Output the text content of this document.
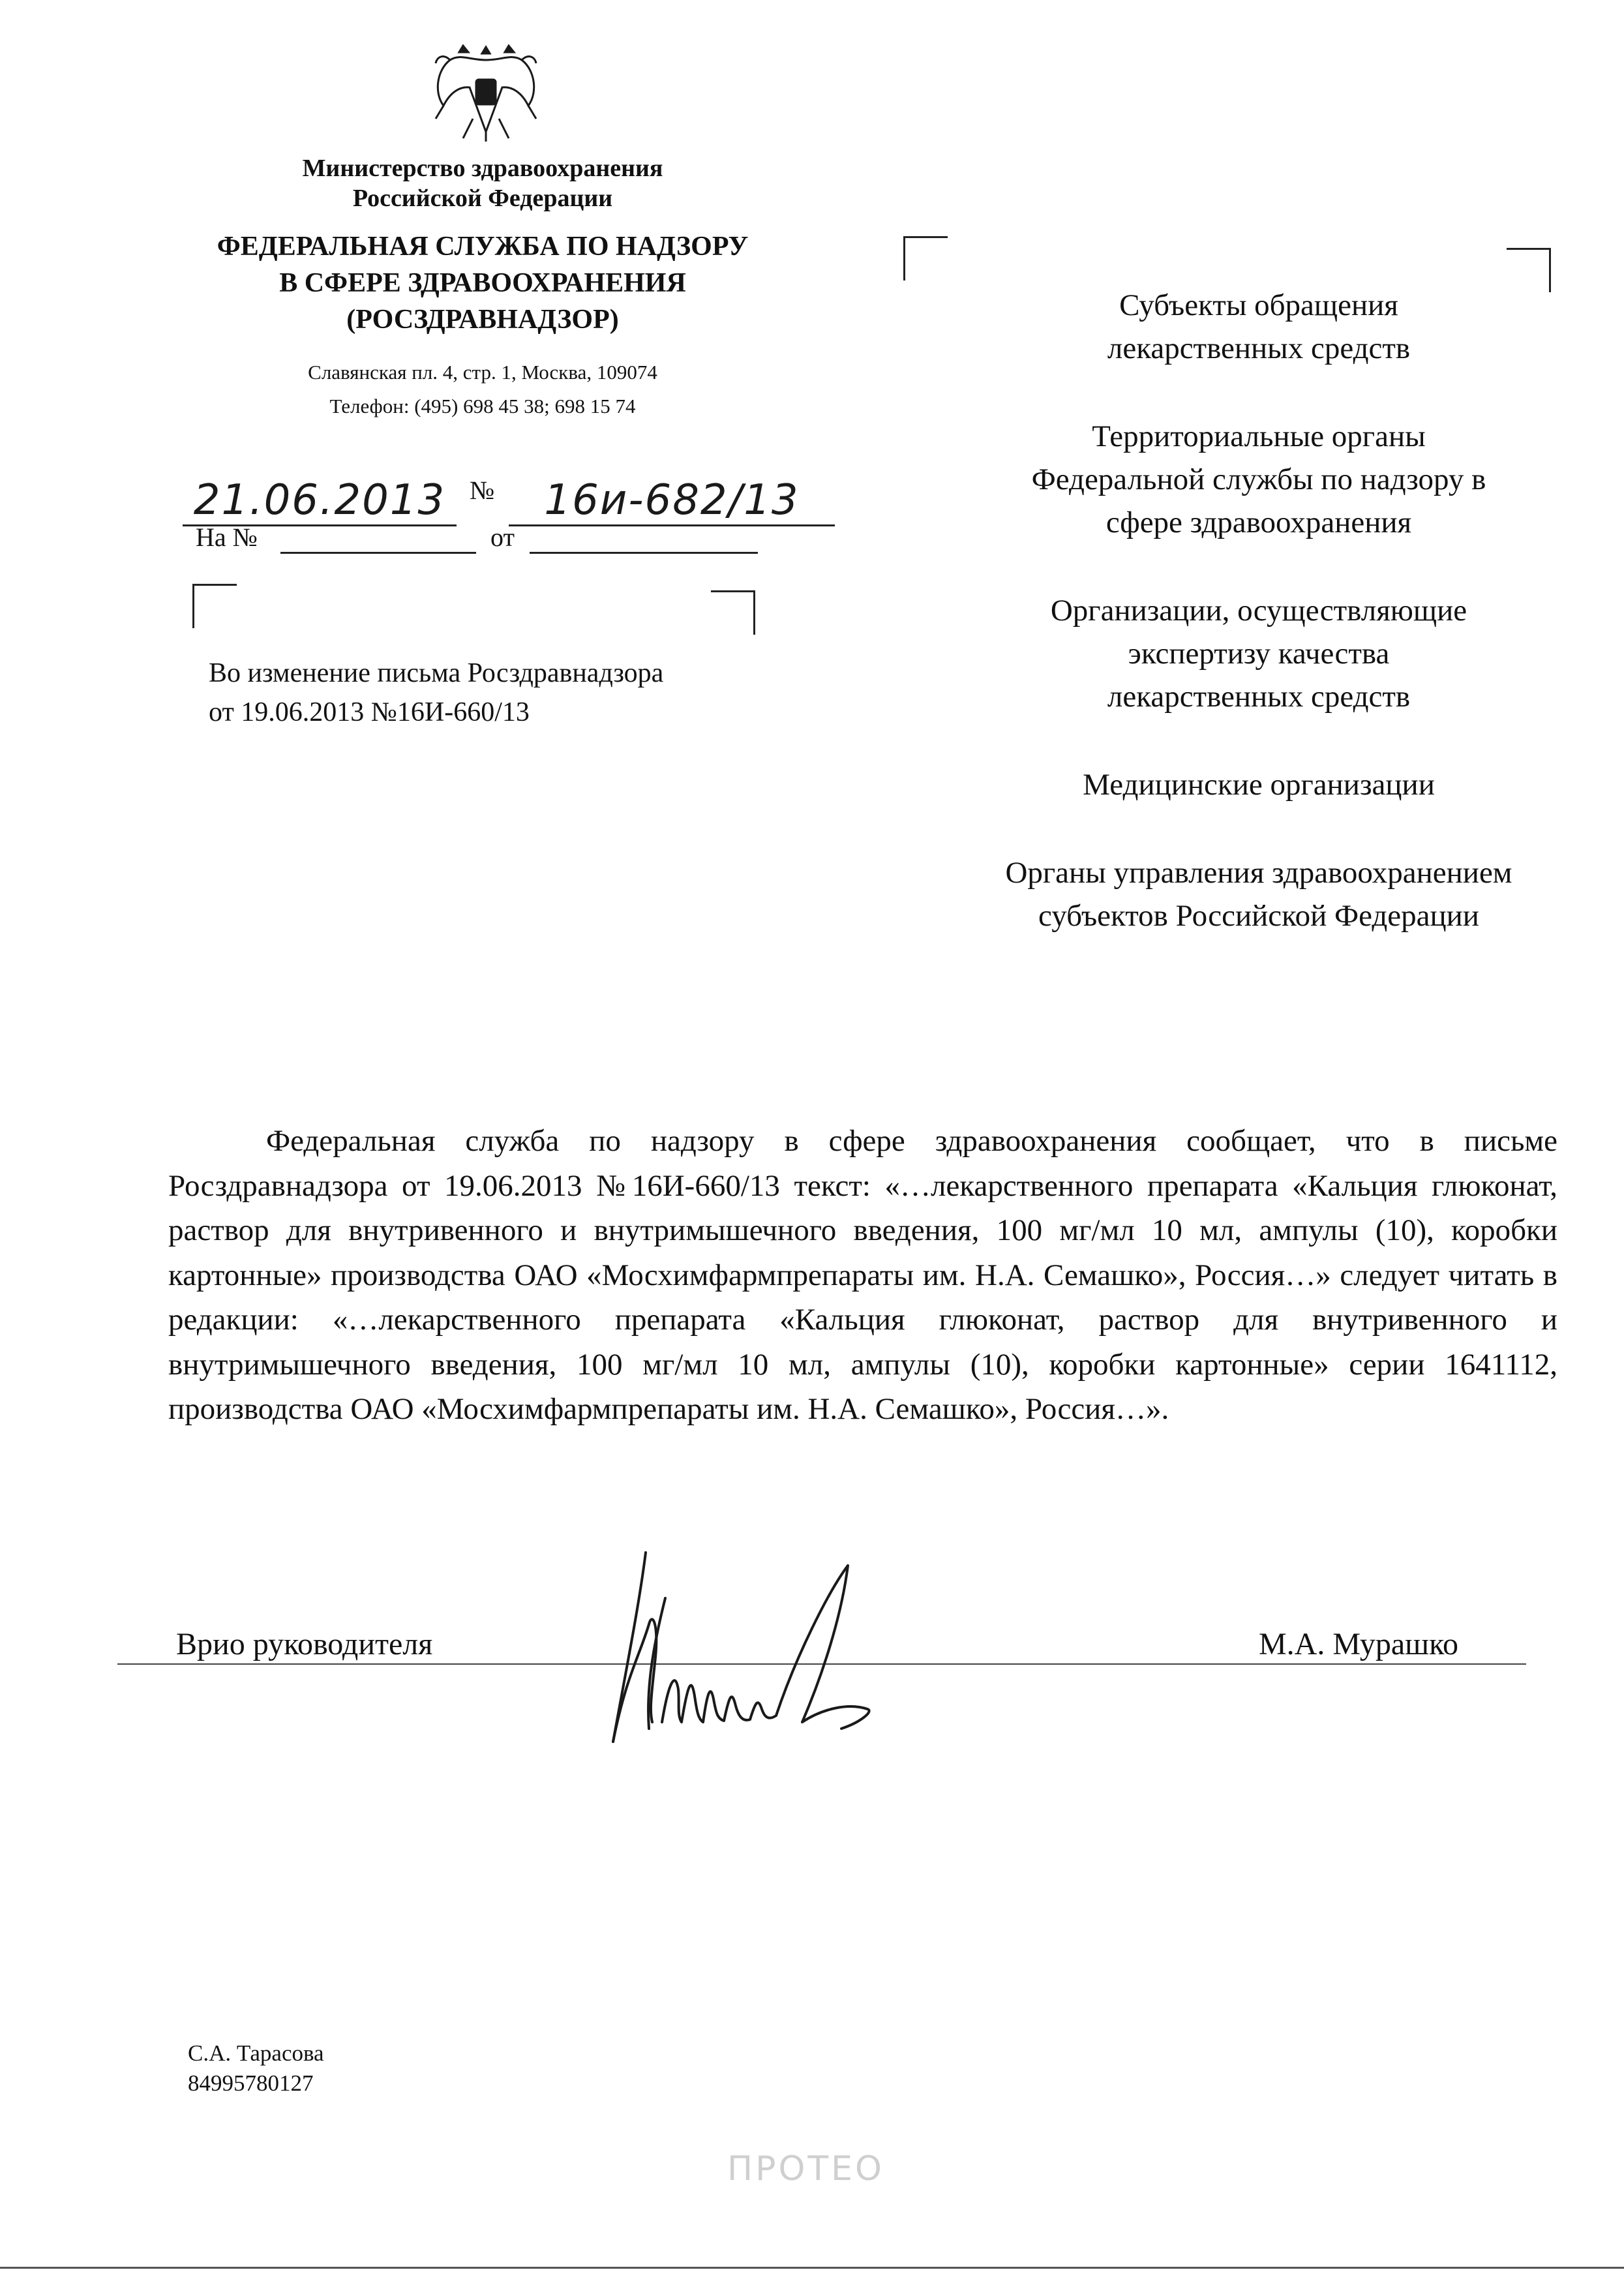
Министерство здравоохранения
Российской Федерации
ФЕДЕРАЛЬНАЯ СЛУЖБА ПО НАДЗОРУ
В СФЕРЕ ЗДРАВООХРАНЕНИЯ
(РОСЗДРАВНАДЗОР)
Славянская пл. 4, стр. 1, Москва, 109074
Телефон: (495) 698 45 38; 698 15 74
21.06.2013 №	16и-682/13
На №	от
Во изменение письма Росздравнадзора
от 19.06.2013 №16И-660/13
Субъекты обращения
лекарственных средств
Территориальные органы
Федеральной службы по надзору в
сфере здравоохранения
Организации, осуществляющие
экспертизу качества
лекарственных средств
Медицинские организации
Органы управления здравоохранением
субъектов Российской Федерации
Федеральная служба по надзору в сфере здравоохранения сообщает, что в письме Росздравнадзора от 19.06.2013 №16И-660/13 текст: «…лекарственного препарата «Кальция глюконат, раствор для внутривенного и внутримышечного введения, 100 мг/мл 10 мл, ампулы (10), коробки картонные» производства ОАО «Мосхимфармпрепараты им. Н.А. Семашко», Россия…» следует читать в редакции: «…лекарственного препарата «Кальция глюконат, раствор для внутривенного и внутримышечного введения, 100 мг/мл 10 мл, ампулы (10), коробки картонные» серии 1641112, производства ОАО «Мосхимфармпрепараты им. Н.А. Семашко», Россия…».
Врио руководителя	М.А. Мурашко
С.А. Тарасова
84995780127
ПРОТЕО
